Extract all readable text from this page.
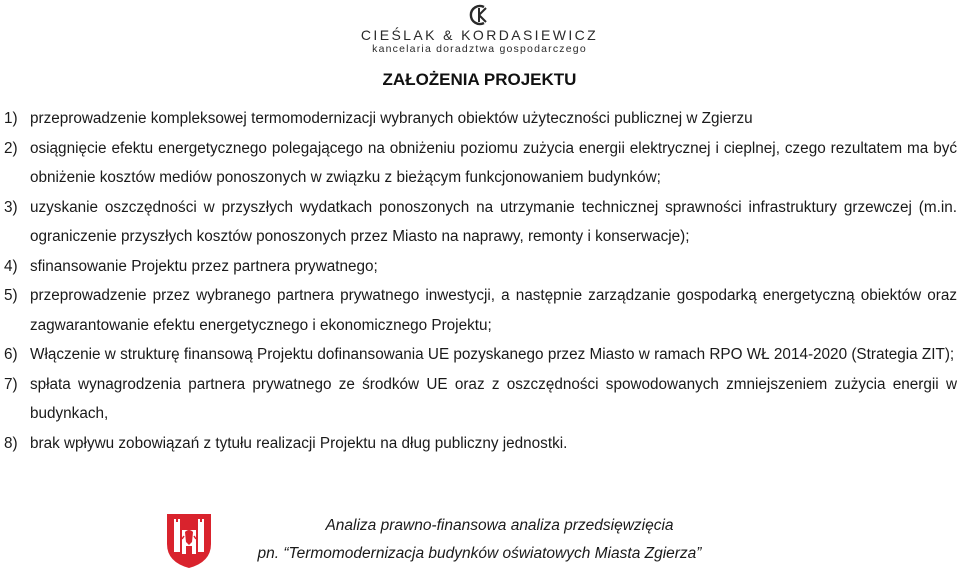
CIEŚLAK & KORDASIEWICZ
kancelaria doradztwa gospodarczego
ZAŁOŻENIA PROJEKTU
1) przeprowadzenie kompleksowej termomodernizacji wybranych obiektów użyteczności publicznej w Zgierzu
2) osiągnięcie efektu energetycznego polegającego na obniżeniu poziomu zużycia energii elektrycznej i cieplnej, czego rezultatem ma być obniżenie kosztów mediów ponoszonych w związku z bieżącym funkcjonowaniem budynków;
3) uzyskanie oszczędności w przyszłych wydatkach ponoszonych na utrzymanie technicznej sprawności infrastruktury grzewczej (m.in. ograniczenie przyszłych kosztów ponoszonych przez Miasto na naprawy, remonty i konserwacje);
4) sfinansowanie Projektu przez partnera prywatnego;
5) przeprowadzenie przez wybranego partnera prywatnego inwestycji, a następnie zarządzanie gospodarką energetyczną obiektów oraz zagwarantowanie efektu energetycznego i ekonomicznego Projektu;
6) Włączenie w strukturę finansową Projektu dofinansowania UE pozyskanego przez Miasto w ramach RPO WŁ 2014-2020 (Strategia ZIT);
7) spłata wynagrodzenia partnera prywatnego ze środków UE oraz z oszczędności spowodowanych zmniejszeniem zużycia energii w budynkach,
8) brak wpływu zobowiązań z tytułu realizacji Projektu na dług publiczny jednostki.
Analiza prawno-finansowa analiza przedsięwzięcia
pn. “Termomodernizacja budynków oświatowych Miasta Zgierza”
